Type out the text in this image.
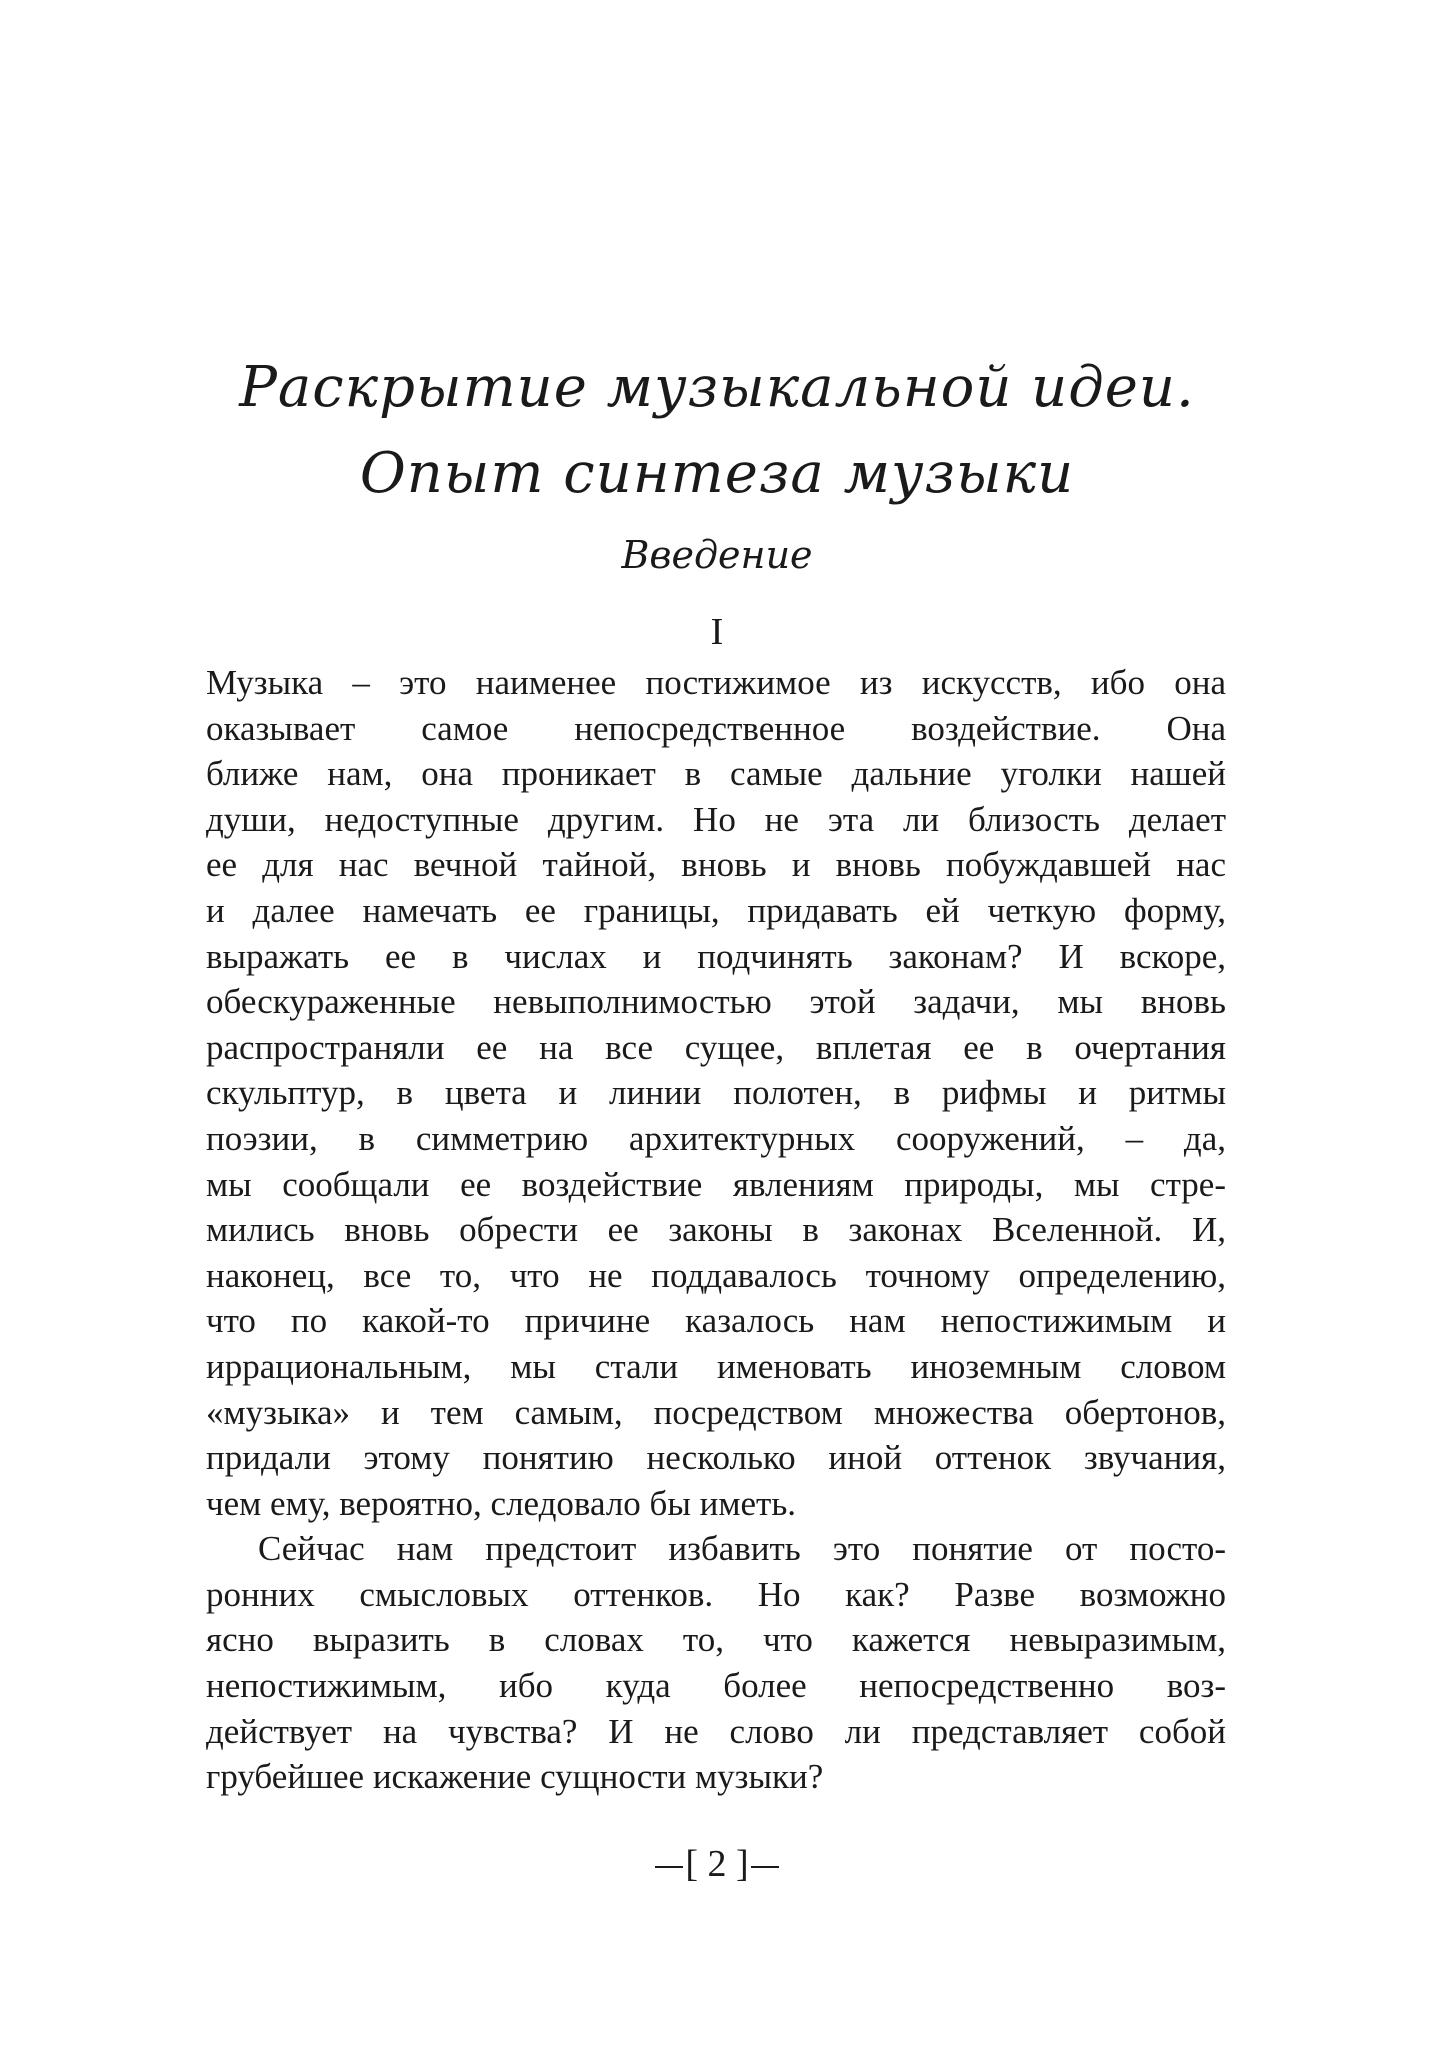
Раскрытие музыкальной идеи.
Опыт синтеза музыки
Введение
I
Музыка – это наименее постижимое из искусств, ибо она
оказывает самое непосредственное воздействие. Она
ближе нам, она проникает в самые дальние уголки нашей
души, недоступные другим. Но не эта ли близость делает
ее для нас вечной тайной, вновь и вновь побуждавшей нас
и далее намечать ее границы, придавать ей четкую форму,
выражать ее в числах и подчинять законам? И вскоре,
обескураженные невыполнимостью этой задачи, мы вновь
распространяли ее на все сущее, вплетая ее в очертания
скульптур, в цвета и линии полотен, в рифмы и ритмы
поэзии, в симметрию архитектурных сооружений, – да,
мы сообщали ее воздействие явлениям природы, мы стре-
мились вновь обрести ее законы в законах Вселенной. И,
наконец, все то, что не поддавалось точному определению,
что по какой-то причине казалось нам непостижимым и
иррациональным, мы стали именовать иноземным словом
«музыка» и тем самым, посредством множества обертонов,
придали этому понятию несколько иной оттенок звучания,
чем ему, вероятно, следовало бы иметь.
Сейчас нам предстоит избавить это понятие от посто-
ронних смысловых оттенков. Но как? Разве возможно
ясно выразить в словах то, что кажется невыразимым,
непостижимым, ибо куда более непосредственно воз-
действует на чувства? И не слово ли представляет собой
грубейшее искажение сущности музыки?
[ 2 ]
